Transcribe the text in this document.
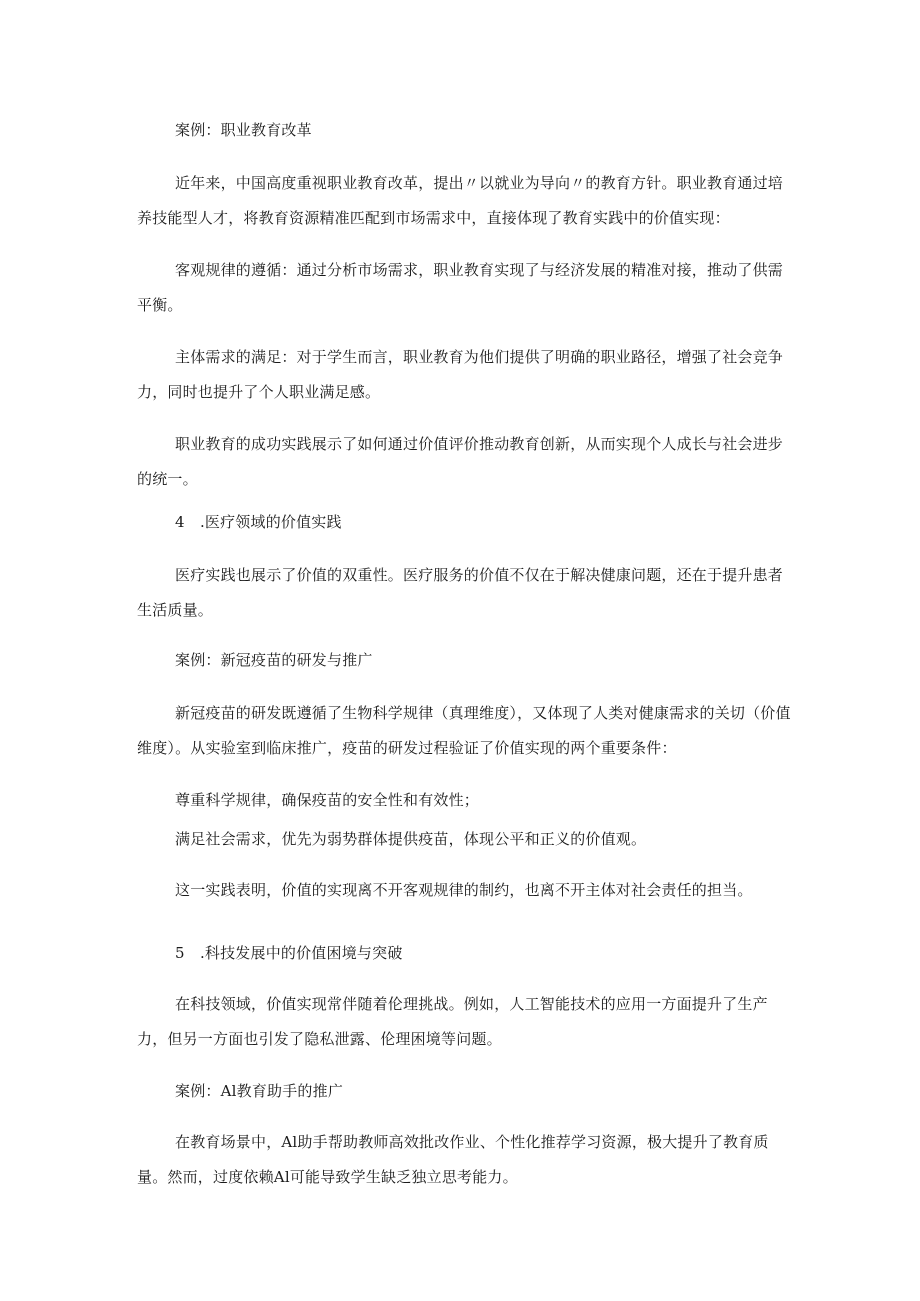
案例：职业教育改革

近年来，中国高度重视职业教育改革，提出〃以就业为导向〃的教育方针。职业教育通过培养技能型人才，将教育资源精准匹配到市场需求中，直接体现了教育实践中的价值实现：

客观规律的遵循：通过分析市场需求，职业教育实现了与经济发展的精准对接，推动了供需平衡。

主体需求的满足：对于学生而言，职业教育为他们提供了明确的职业路径，增强了社会竞争力，同时也提升了个人职业满足感。

职业教育的成功实践展示了如何通过价值评价推动教育创新，从而实现个人成长与社会进步的统一。

4　.医疗领域的价值实践

医疗实践也展示了价值的双重性。医疗服务的价值不仅在于解决健康问题，还在于提升患者生活质量。

案例：新冠疫苗的研发与推广

新冠疫苗的研发既遵循了生物科学规律（真理维度），又体现了人类对健康需求的关切（价值维度）。从实验室到临床推广，疫苗的研发过程验证了价值实现的两个重要条件：

尊重科学规律，确保疫苗的安全性和有效性；

满足社会需求，优先为弱势群体提供疫苗，体现公平和正义的价值观。

这一实践表明，价值的实现离不开客观规律的制约，也离不开主体对社会责任的担当。

5　.科技发展中的价值困境与突破

在科技领域，价值实现常伴随着伦理挑战。例如，人工智能技术的应用一方面提升了生产力，但另一方面也引发了隐私泄露、伦理困境等问题。

案例：Al教育助手的推广

在教育场景中，Al助手帮助教师高效批改作业、个性化推荐学习资源，极大提升了教育质量。然而，过度依赖Al可能导致学生缺乏独立思考能力。
